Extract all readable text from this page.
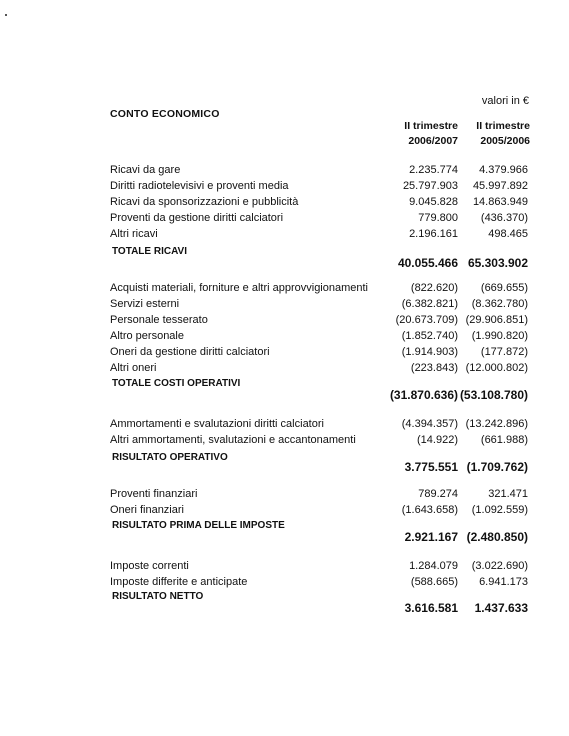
valori in €
CONTO ECONOMICO
II trimestre
2006/2007
II trimestre
2005/2006
Ricavi da gare	2.235.774	4.379.966
Diritti radiotelevisivi e proventi media	25.797.903	45.997.892
Ricavi da sponsorizzazioni e pubblicità	9.045.828	14.863.949
Proventi da gestione diritti calciatori	779.800	(436.370)
Altri ricavi	2.196.161	498.465
TOTALE RICAVI
40.055.466 65.303.902
Acquisti materiali, forniture e altri approvvigionamenti	(822.620)	(669.655)
Servizi esterni	(6.382.821)	(8.362.780)
Personale tesserato	(20.673.709) (29.906.851)
Altro personale	(1.852.740)	(1.990.820)
Oneri da gestione diritti calciatori	(1.914.903)	(177.872)
Altri oneri	(223.843) (12.000.802)
TOTALE COSTI OPERATIVI
(31.870.636) (53.108.780)
Ammortamenti e svalutazioni diritti calciatori	(4.394.357) (13.242.896)
Altri ammortamenti, svalutazioni e accantonamenti	(14.922)	(661.988)
RISULTATO OPERATIVO
3.775.551 (1.709.762)
Proventi finanziari	789.274	321.471
Oneri finanziari	(1.643.658)	(1.092.559)
RISULTATO PRIMA DELLE IMPOSTE
2.921.167 (2.480.850)
Imposte correnti	1.284.079	(3.022.690)
Imposte differite e anticipate	(588.665)	6.941.173
RISULTATO NETTO
3.616.581	1.437.633
